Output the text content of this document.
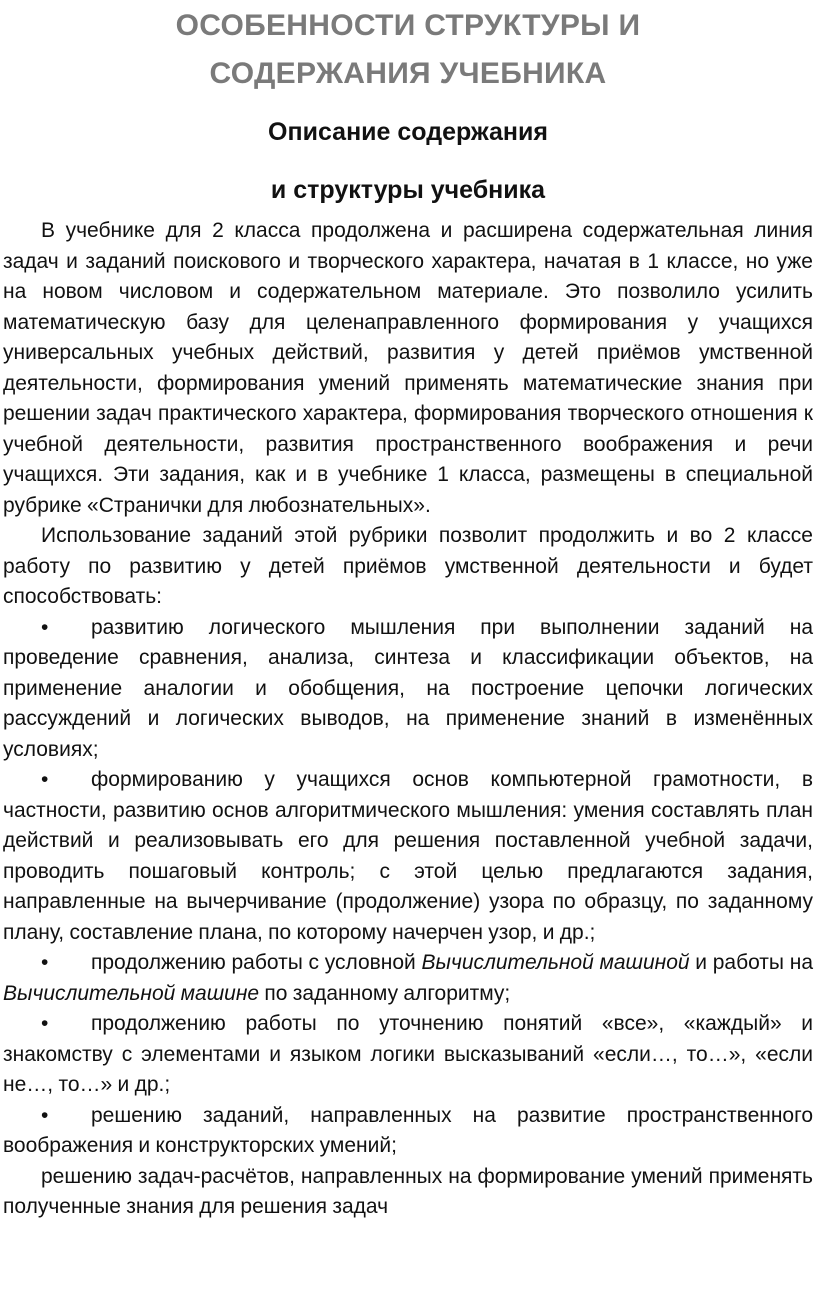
ОСОБЕННОСТИ СТРУКТУРЫ И
СОДЕРЖАНИЯ УЧЕБНИКА
Описание содержания
и структуры учебника

В учебнике для 2 класса продолжена и расширена содержательная линия задач и заданий поискового и творческого характера, начатая в 1 классе, но уже на новом числовом и содержательном материале. Это позволило усилить математическую базу для целенаправленного формирования у учащихся универсальных учебных действий, развития у детей приёмов умственной деятельности, формирования умений применять математические знания при решении задач практического характера, формирования творческого отношения к учебной деятельности, развития пространственного воображения и речи учащихся. Эти задания, как и в учебнике 1 класса, размещены в специальной рубрике «Странички для любознательных».

Использование заданий этой рубрики позволит продолжить и во 2 классе работу по развитию у детей приёмов умственной деятельности и будет способствовать:

• развитию логического мышления при выполнении заданий на проведение сравнения, анализа, синтеза и классификации объектов, на применение аналогии и обобщения, на построение цепочки логических рассуждений и логических выводов, на применение знаний в изменённых условиях;

• формированию у учащихся основ компьютерной грамотности, в частности, развитию основ алгоритмического мышления: умения составлять план действий и реализовывать его для решения поставленной учебной задачи, проводить пошаговый контроль; с этой целью предлагаются задания, направленные на вычерчивание (продолжение) узора по образцу, по заданному плану, составление плана, по которому начерчен узор, и др.;

• продолжению работы с условной Вычислительной машиной и работы на Вычислительной машине по заданному алгоритму;

• продолжению работы по уточнению понятий «все», «каждый» и знакомству с элементами и языком логики высказываний «если…, то…», «если не…, то…» и др.;

• решению заданий, направленных на развитие пространственного воображения и конструкторских умений;

решению задач-расчётов, направленных на формирование умений применять полученные знания для решения задач
